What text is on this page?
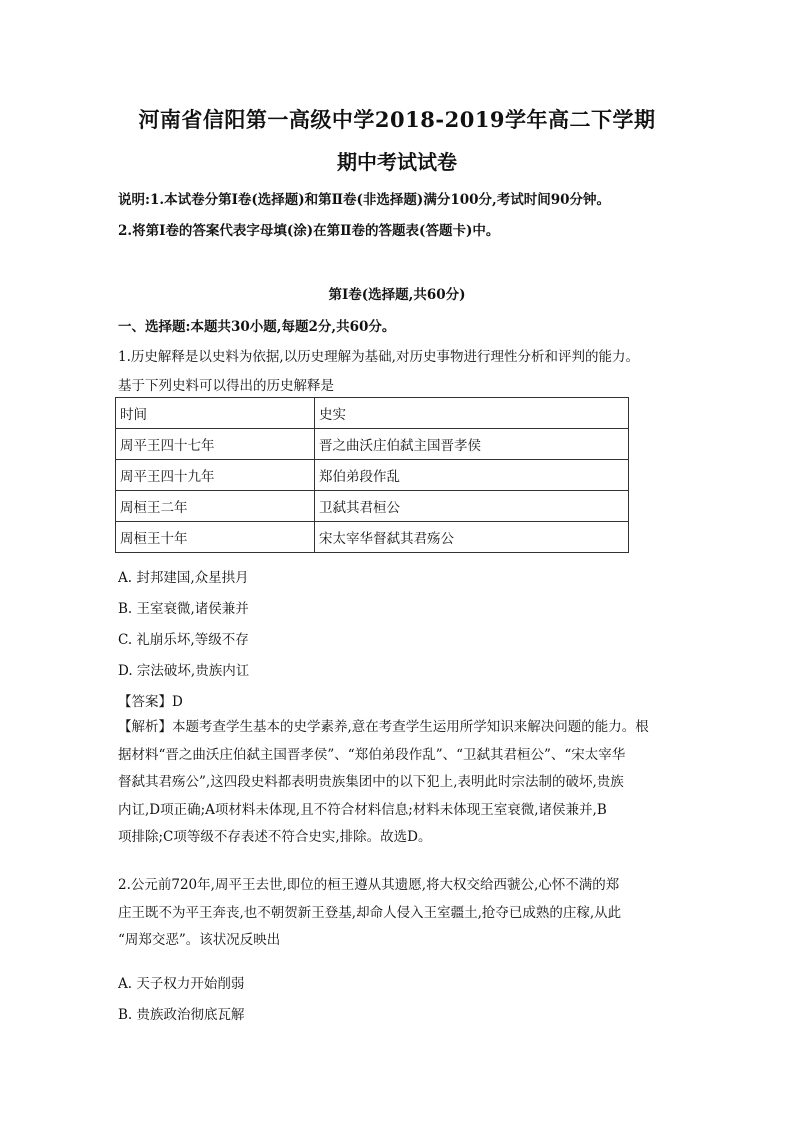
河南省信阳第一高级中学2018-2019学年高二下学期
期中考试试卷
说明:1.本试卷分第Ⅰ卷(选择题)和第Ⅱ卷(非选择题)满分100分,考试时间90分钟。
2.将第Ⅰ卷的答案代表字母填(涂)在第Ⅱ卷的答题表(答题卡)中。
第Ⅰ卷(选择题,共60分)
一、选择题:本题共30小题,每题2分,共60分。
1.历史解释是以史料为依据,以历史理解为基础,对历史事物进行理性分析和评判的能力。
基于下列史料可以得出的历史解释是
时间	史实
周平王四十七年	晋之曲沃庄伯弑主国晋孝侯
周平王四十九年	郑伯弟段作乱
周桓王二年	卫弑其君桓公
周桓王十年	宋太宰华督弑其君殇公
A. 封邦建国,众星拱月
B. 王室衰微,诸侯兼并
C. 礼崩乐坏,等级不存
D. 宗法破坏,贵族内讧
【答案】D
【解析】本题考查学生基本的史学素养,意在考查学生运用所学知识来解决问题的能力。根
据材料“晋之曲沃庄伯弑主国晋孝侯”、“郑伯弟段作乱”、“卫弑其君桓公”、“宋太宰华
督弑其君殇公”,这四段史料都表明贵族集团中的以下犯上,表明此时宗法制的破坏,贵族
内讧,D项正确;A项材料未体现,且不符合材料信息;材料未体现王室衰微,诸侯兼并,B
项排除;C项等级不存表述不符合史实,排除。故选D。
2.公元前720年,周平王去世,即位的桓王遵从其遗愿,将大权交给西虢公,心怀不满的郑
庄王既不为平王奔丧,也不朝贺新王登基,却命人侵入王室疆土,抢夺已成熟的庄稼,从此
“周郑交恶”。该状况反映出
A. 天子权力开始削弱
B. 贵族政治彻底瓦解
